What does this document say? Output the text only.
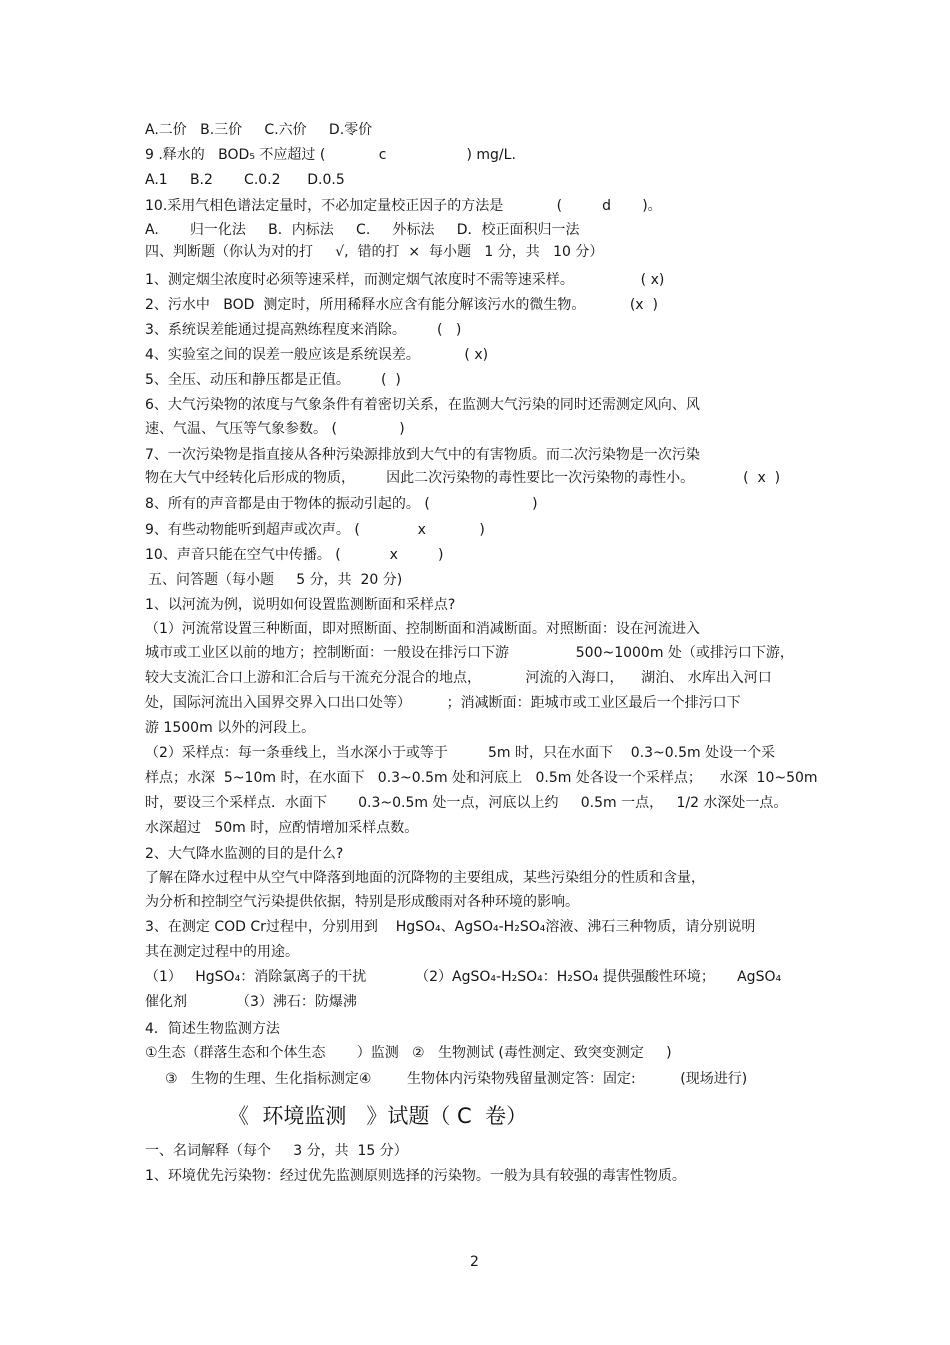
A.二价   B.三价     C.六价     D.零价
9 .释水的   BOD₅ 不应超过 (            c                  ) mg/L.
A.1     B.2       C.0.2      D.0.5
10.采用气相色谱法定量时，不必加定量校正因子的方法是            (         d       )。
A.       归一化法     B．内标法     C.     外标法     D．校正面积归一法
四、判断题（你认为对的打     √,  错的打  ×  每小题   1 分，共   10 分）
1、测定烟尘浓度时必须等速采样，而测定烟气浓度时不需等速采样。               ( x)
2、污水中   BOD  测定时，所用稀释水应含有能分解该污水的微生物。          (x  )
3、系统误差能通过提高熟练程度来消除。       (   )
4、实验室之间的误差一般应该是系统误差。          ( x)
5、全压、动压和静压都是正值。       (  )
6、大气污染物的浓度与气象条件有着密切关系，在监测大气污染的同时还需测定风向、风
速、气温、气压等气象参数。 (              )
7、一次污染物是指直接从各种污染源排放到大气中的有害物质。而二次污染物是一次污染
物在大气中经转化后形成的物质，       因此二次污染物的毒性要比一次污染物的毒性小。           (  x  )
8、所有的声音都是由于物体的振动引起的。 (                       )
9、有些动物能听到超声或次声。 (             x            )
10、声音只能在空气中传播。 (           x         )
五、问答题（每小题     5 分，共  20 分)
1、以河流为例，说明如何设置监测断面和采样点?
（1）河流常设置三种断面，即对照断面、控制断面和消减断面。对照断面：设在河流进入
城市或工业区以前的地方；控制断面：一般设在排污口下游               500~1000m 处（或排污口下游，
较大支流汇合口上游和汇合后与干流充分混合的地点，          河流的入海口，    湖泊、 水库出入河口
处，国际河流出入国界交界入口出口处等）        ；消减断面：距城市或工业区最后一个排污口下
游 1500m 以外的河段上。
（2）采样点：每一条垂线上，当水深小于或等于         5m 时，只在水面下    0.3~0.5m 处设一个采
样点；水深  5~10m 时，在水面下   0.3~0.5m 处和河底上   0.5m 处各设一个采样点；    水深  10~50m
时，要设三个采样点．水面下       0.3~0.5m 处一点，河底以上约     0.5m 一点，   1/2 水深处一点。
水深超过   50m 时，应酌情增加采样点数。
2、大气降水监测的目的是什么?
了解在降水过程中从空气中降落到地面的沉降物的主要组成，某些污染组分的性质和含量，
为分析和控制空气污染提供依据，特别是形成酸雨对各种环境的影响。
3、在测定 COD Cr过程中，分别用到    HgSO₄、AgSO₄-H₂SO₄溶液、沸石三种物质，请分别说明
其在测定过程中的用途。
（1）   HgSO₄：消除氯离子的干扰           （2）AgSO₄-H₂SO₄：H₂SO₄ 提供强酸性环境；     AgSO₄
催化剂           （3）沸石：防爆沸
4．简述生物监测方法
①生态（群落生态和个体生态       ）监测   ②   生物测试 (毒性测定、致突变测定     )
③   生物的生理、生化指标测定④        生物体内污染物残留量测定答：固定:          (现场进行)
《  环境监测   》试题（ C  卷）
一、名词解释（每个     3 分，共  15 分）
1、环境优先污染物：经过优先监测原则选择的污染物。一般为具有较强的毒害性物质。
2
